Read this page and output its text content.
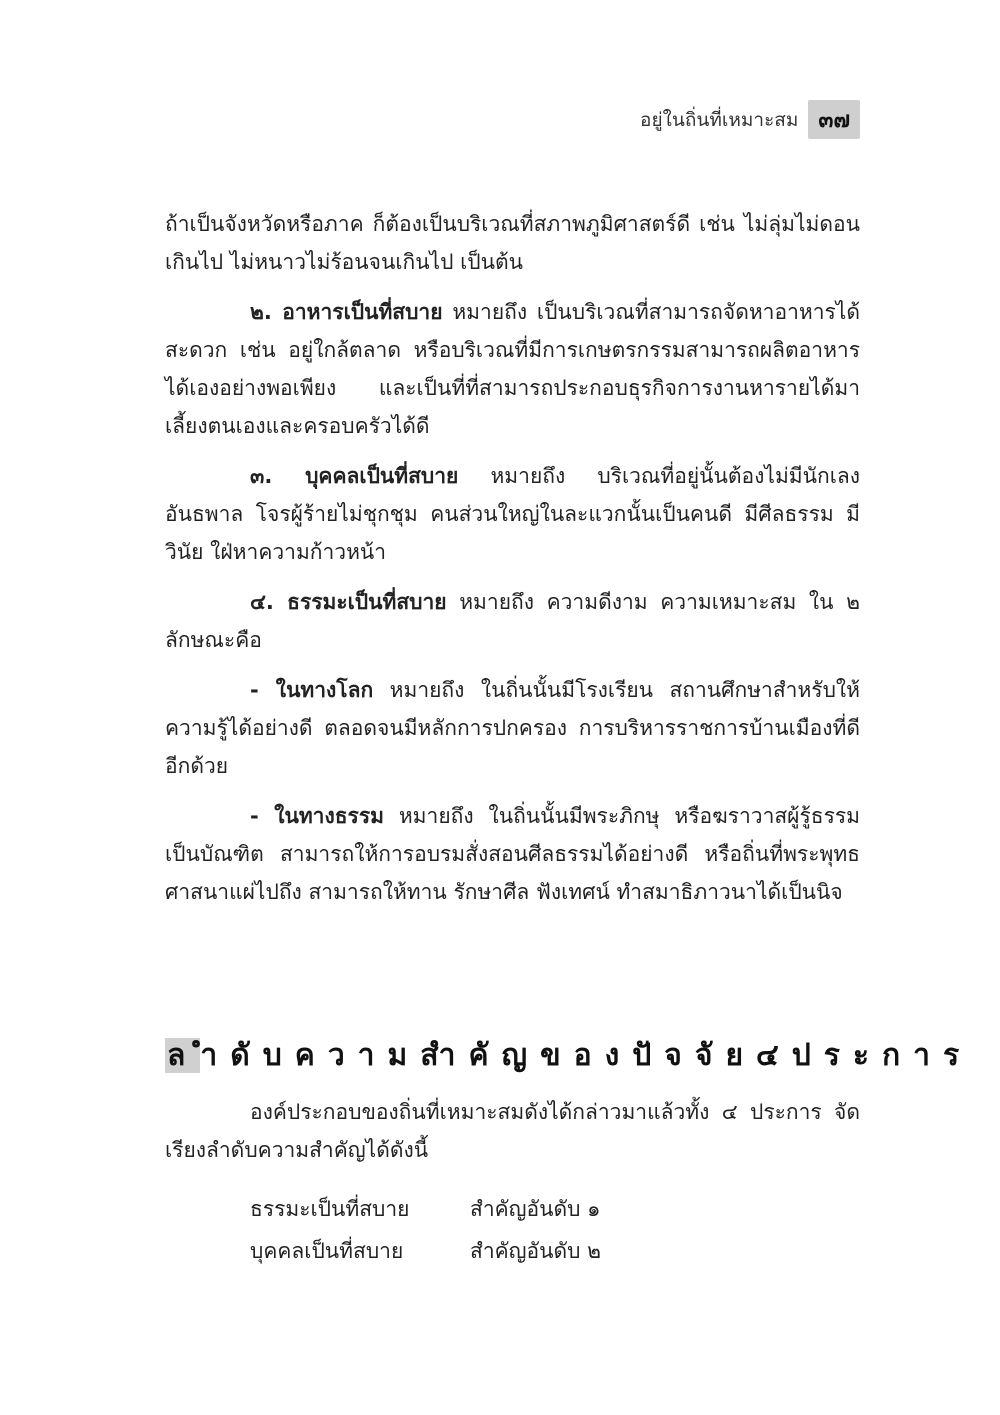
อยู่ในถิ่นที่เหมาะสม ๓๗

ถ้าเป็นจังหวัดหรือภาค ก็ต้องเป็นบริเวณที่สภาพภูมิศาสตร์ดี เช่น ไม่ลุ่มไม่ดอนเกินไป ไม่หนาวไม่ร้อนจนเกินไป เป็นต้น

๒. อาหารเป็นที่สบาย หมายถึง เป็นบริเวณที่สามารถจัดหาอาหารได้สะดวก เช่น อยู่ใกล้ตลาด หรือบริเวณที่มีการเกษตรกรรมสามารถผลิตอาหารได้เองอย่างพอเพียง และเป็นที่ที่สามารถประกอบธุรกิจการงานหารายได้มาเลี้ยงตนเองและครอบครัวได้ดี

๓. บุคคลเป็นที่สบาย หมายถึง บริเวณที่อยู่นั้นต้องไม่มีนักเลงอันธพาล โจรผู้ร้ายไม่ชุกชุม คนส่วนใหญ่ในละแวกนั้นเป็นคนดี มีศีลธรรม มีวินัย ใฝ่หาความก้าวหน้า

๔. ธรรมะเป็นที่สบาย หมายถึง ความดีงาม ความเหมาะสม ใน ๒ ลักษณะคือ

- ในทางโลก หมายถึง ในถิ่นนั้นมีโรงเรียน สถานศึกษาสำหรับให้ความรู้ได้อย่างดี ตลอดจนมีหลักการปกครอง การบริหารราชการบ้านเมืองที่ดีอีกด้วย

- ในทางธรรม หมายถึง ในถิ่นนั้นมีพระภิกษุ หรือฆราวาสผู้รู้ธรรม เป็นบัณฑิต สามารถให้การอบรมสั่งสอนศีลธรรมได้อย่างดี หรือถิ่นที่พระพุทธศาสนาแผ่ไปถึง สามารถให้ทาน รักษาศีล ฟังเทศน์ ทำสมาธิภาวนาได้เป็นนิจ

ลำดับความสำคัญของปัจจัย๔ประการ

องค์ประกอบของถิ่นที่เหมาะสมดังได้กล่าวมาแล้วทั้ง ๔ ประการ จัดเรียงลำดับความสำคัญได้ดังนี้

ธรรมะเป็นที่สบาย	สำคัญอันดับ ๑
บุคคลเป็นที่สบาย	สำคัญอันดับ ๒
